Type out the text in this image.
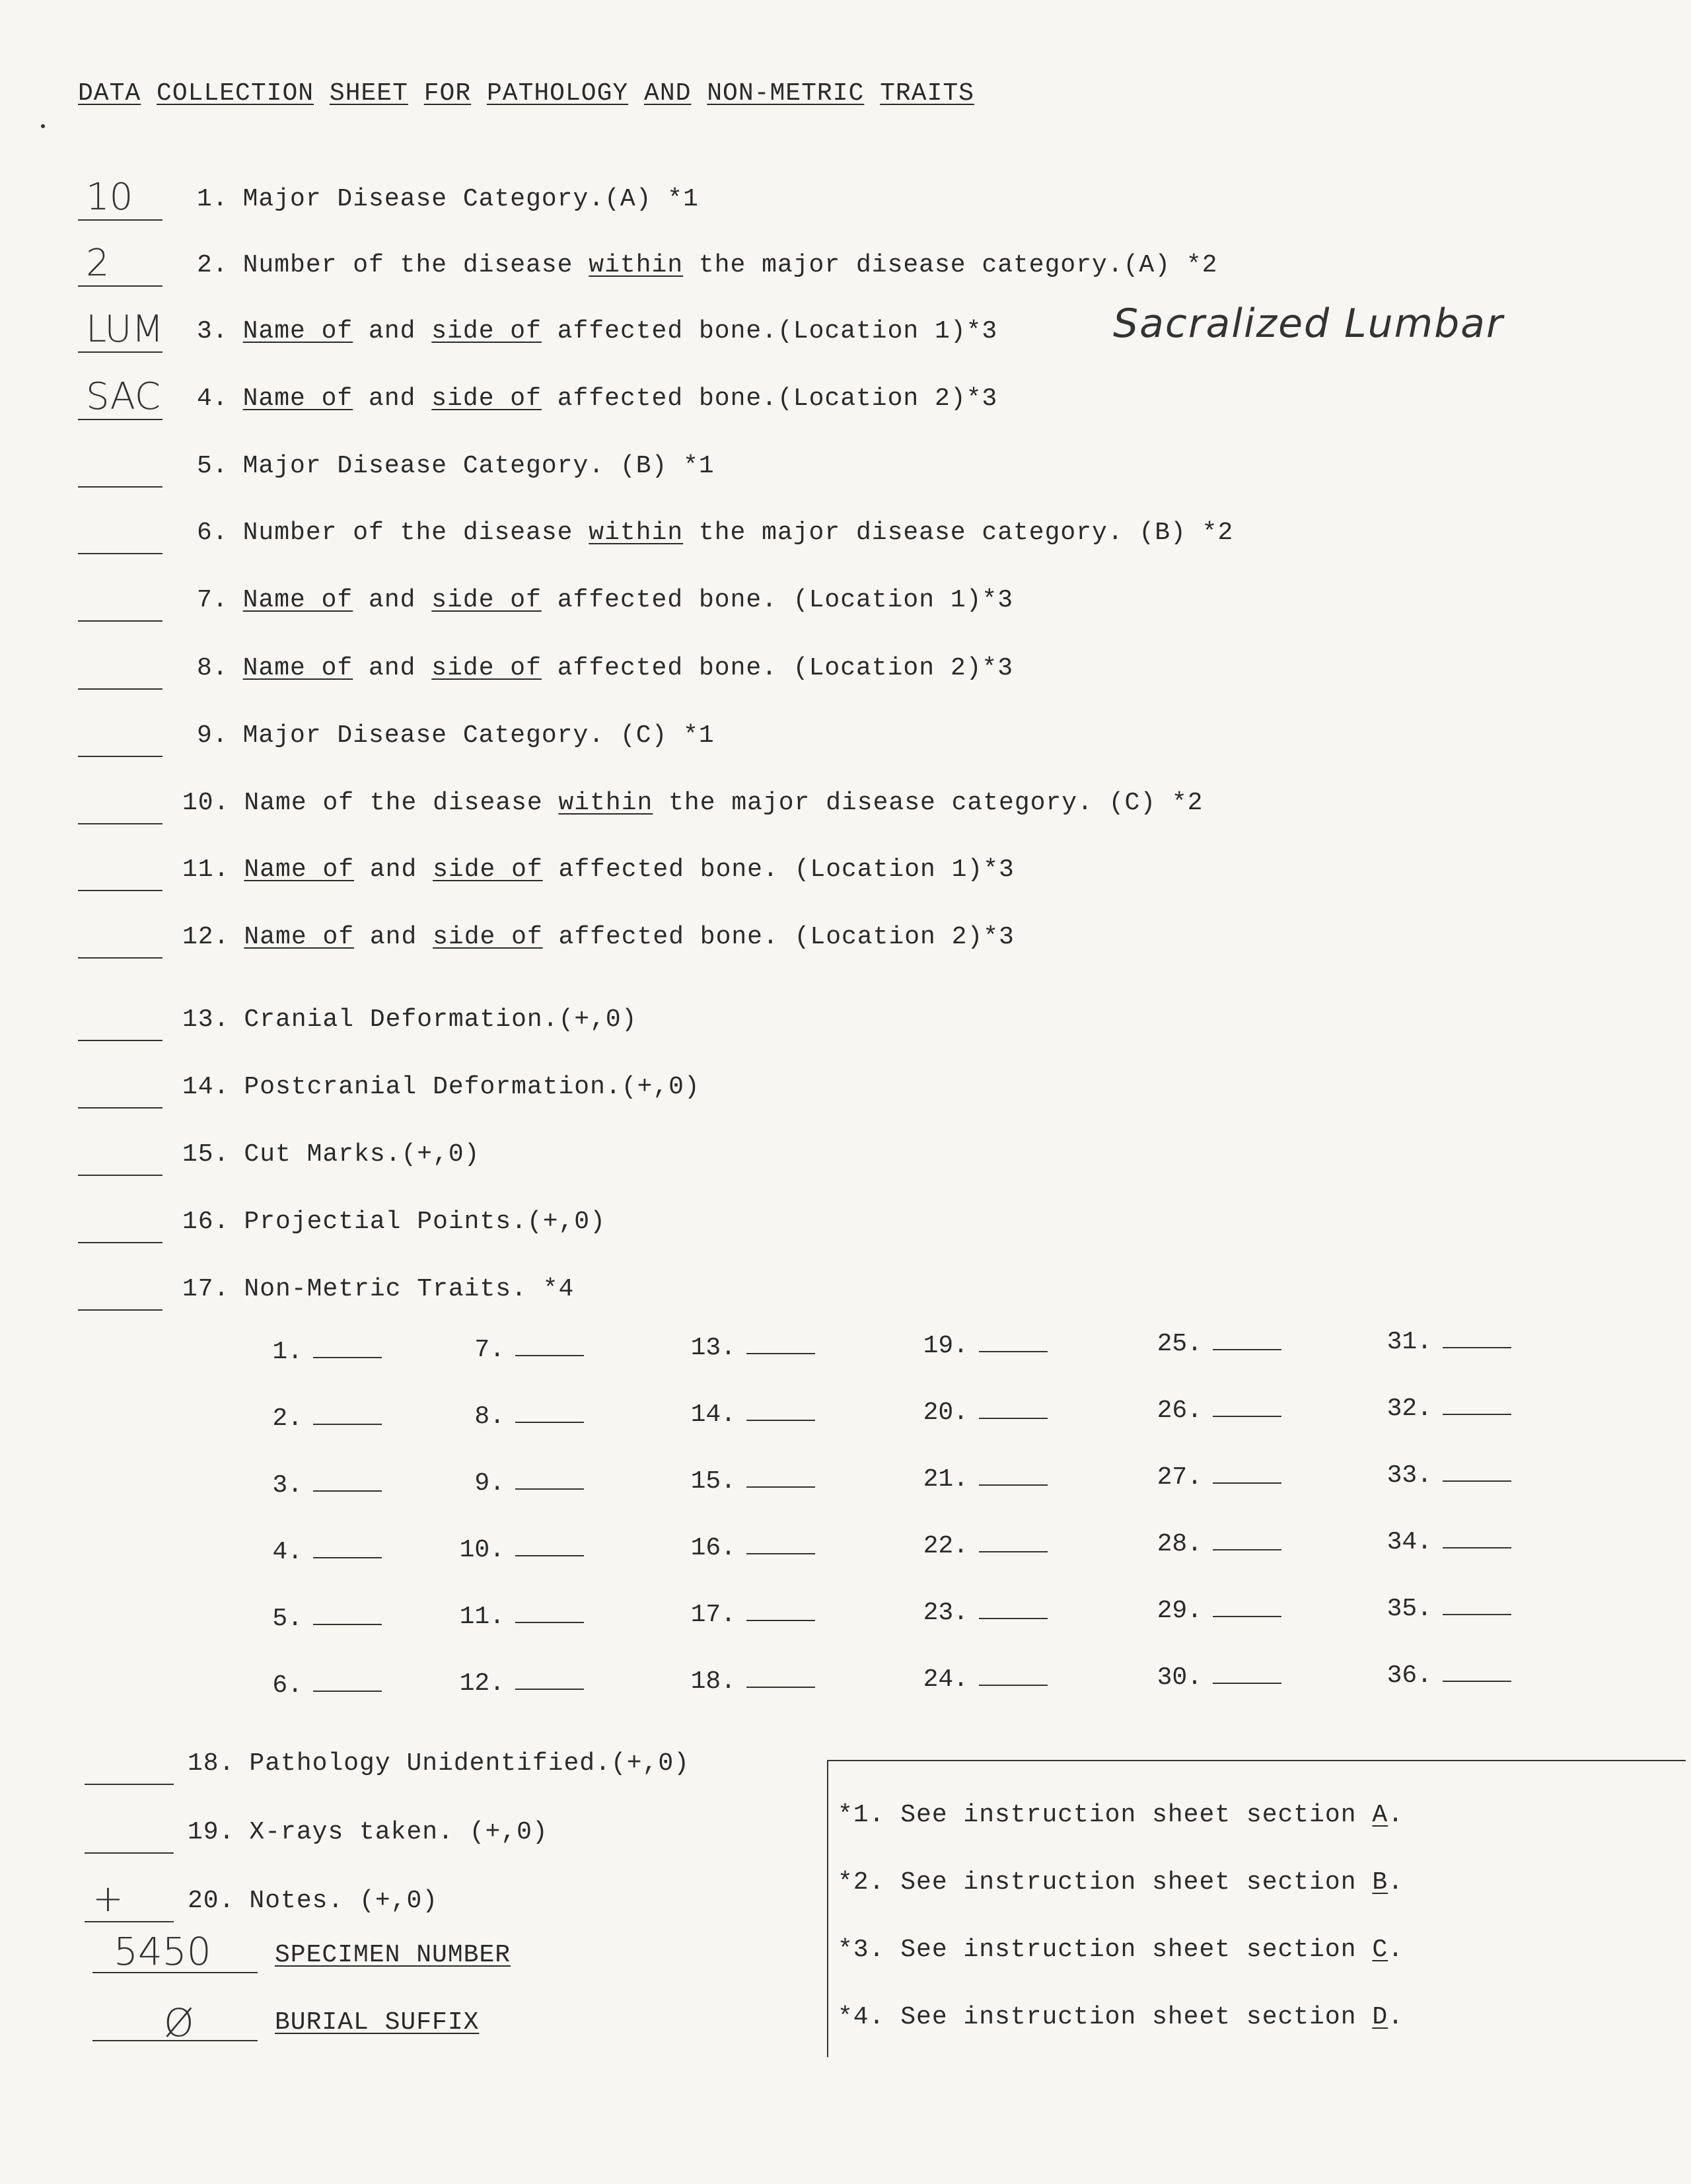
DATA COLLECTION SHEET FOR PATHOLOGY AND NON-METRIC TRAITS
10	1. Major Disease Category.(A) *1
2	2. Number of the disease within the major disease category.(A) *2
LUM 3. Name of and side of affected bone.(Location 1)*3
SAC 4. Name of and side of affected bone.(Location 2)*3
5. Major Disease Category. (B) *1
6. Number of the disease within the major disease category. (B) *2
7. Name of and side of affected bone. (Location 1)*3
8. Name of and side of affected bone. (Location 2)*3
9. Major Disease Category. (C) *1
10. Name of the disease within the major disease category. (C) *2
11. Name of and side of affected bone. (Location 1)*3
12. Name of and side of affected bone. (Location 2)*3
13. Cranial Deformation.(+,0)
14. Postcranial Deformation.(+,0)
15. Cut Marks.(+,0)
16. Projectial Points.(+,0)
17. Non-Metric Traits. *4
18. Pathology Unidentified.(+,0)
19. X-rays taken. (+,0)
+	20. Notes. (+,0)
Sacralized Lumbar
1.
2.
3.
4.
5.
6.
7.
8.
9.
10.
11.
12.
13.
14.
15.
16.
17.
18.
19.
20.
21.
22.
23.
24.
25.
26.
27.
28.
29.
30.
31.
32.
33.
34.
35.
36.
5450	SPECIMEN NUMBER
Ø	BURIAL SUFFIX
*1. See instruction sheet section A.
*2. See instruction sheet section B.
*3. See instruction sheet section C.
*4. See instruction sheet section D.
